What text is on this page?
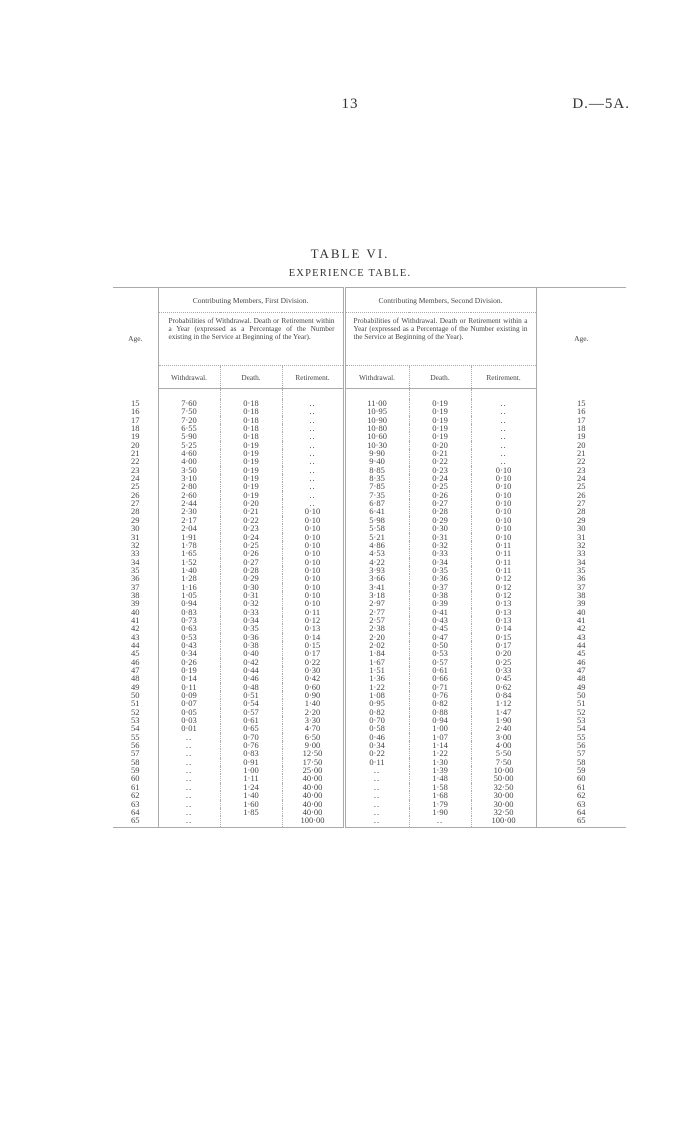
13	D.—5A.
TABLE VI.
EXPERIENCE TABLE.
Age.	Contributing Members, First Division.			Contributing Members, Second Division.			Age.
	Probabilities of Withdrawal. Death or Retirement within a Year (expressed as a Percentage of the Number existing in the Service at Beginning of the Year).			Probabilities of Withdrawal. Death or Retirement within a Year (expressed as a Percentage of the Number existing in the Service at Beginning of the Year).			
	Withdrawal.	Death.	Retirement.	Withdrawal.	Death.	Retirement.	

15	7·60	0·18	..	11·00	0·19	..	15
16	7·50	0·18	..	10·95	0·19	..	16
17	7·20	0·18	..	10·90	0·19	..	17
18	6·55	0·18	..	10·80	0·19	..	18
19	5·90	0·18	..	10·60	0·19	..	19
20	5·25	0·19	..	10·30	0·20	..	20
21	4·60	0·19	..	9·90	0·21	..	21
22	4·00	0·19	..	9·40	0·22	..	22
23	3·50	0·19	..	8·85	0·23	0·10	23
24	3·10	0·19	..	8·35	0·24	0·10	24
25	2·80	0·19	..	7·85	0·25	0·10	25
26	2·60	0·19	..	7·35	0·26	0·10	26
27	2·44	0·20	..	6·87	0·27	0·10	27
28	2·30	0·21	0·10	6·41	0·28	0·10	28
29	2·17	0·22	0·10	5·98	0·29	0·10	29
30	2·04	0·23	0·10	5·58	0·30	0·10	30
31	1·91	0·24	0·10	5·21	0·31	0·10	31
32	1·78	0·25	0·10	4·86	0·32	0·11	32
33	1·65	0·26	0·10	4·53	0·33	0·11	33
34	1·52	0·27	0·10	4·22	0·34	0·11	34
35	1·40	0·28	0·10	3·93	0·35	0·11	35
36	1·28	0·29	0·10	3·66	0·36	0·12	36
37	1·16	0·30	0·10	3·41	0·37	0·12	37
38	1·05	0·31	0·10	3·18	0·38	0·12	38
39	0·94	0·32	0·10	2·97	0·39	0·13	39
40	0·83	0·33	0·11	2·77	0·41	0·13	40
41	0·73	0·34	0·12	2·57	0·43	0·13	41
42	0·63	0·35	0·13	2·38	0·45	0·14	42
43	0·53	0·36	0·14	2·20	0·47	0·15	43
44	0·43	0·38	0·15	2·02	0·50	0·17	44
45	0·34	0·40	0·17	1·84	0·53	0·20	45
46	0·26	0·42	0·22	1·67	0·57	0·25	46
47	0·19	0·44	0·30	1·51	0·61	0·33	47
48	0·14	0·46	0·42	1·36	0·66	0·45	48
49	0·11	0·48	0·60	1·22	0·71	0·62	49
50	0·09	0·51	0·90	1·08	0·76	0·84	50
51	0·07	0·54	1·40	0·95	0·82	1·12	51
52	0·05	0·57	2·20	0·82	0·88	1·47	52
53	0·03	0·61	3·30	0·70	0·94	1·90	53
54	0·01	0·65	4·70	0·58	1·00	2·40	54
55	..	0·70	6·50	0·46	1·07	3·00	55
56	..	0·76	9·00	0·34	1·14	4·00	56
57	..	0·83	12·50	0·22	1·22	5·50	57
58	..	0·91	17·50	0·11	1·30	7·50	58
59	..	1·00	25·00	..	1·39	10·00	59
60	..	1·11	40·00	..	1·48	50·00	60
61	..	1·24	40·00	..	1·58	32·50	61
62	..	1·40	40·00	..	1·68	30·00	62
63	..	1·60	40·00	..	1·79	30·00	63
64	..	1·85	40·00	..	1·90	32·50	64
65	..		100·00	..	..	100·00	65
